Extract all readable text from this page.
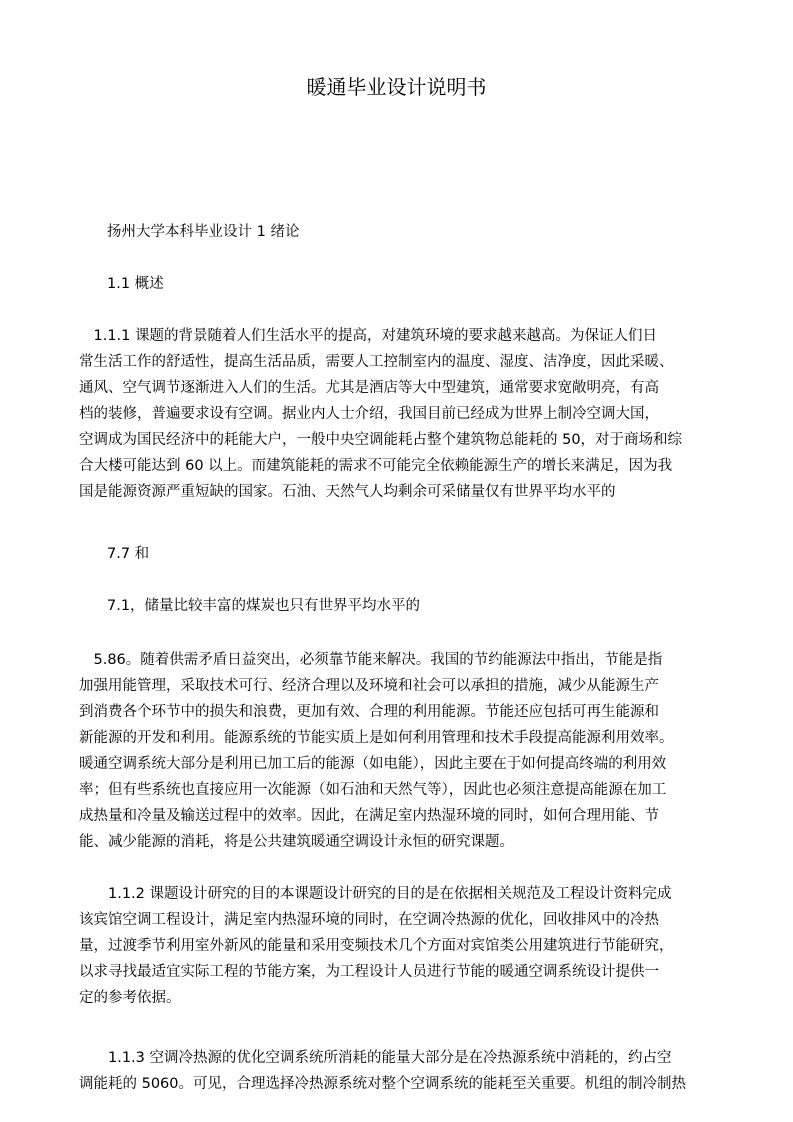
暖通毕业设计说明书

扬州大学本科毕业设计 1 绪论

1.1 概述

　1.1.1 课题的背景随着人们生活水平的提高，对建筑环境的要求越来越高。为保证人们日
常生活工作的舒适性，提高生活品质，需要人工控制室内的温度、湿度、洁净度，因此采暖、
通风、空气调节逐渐进入人们的生活。尤其是酒店等大中型建筑，通常要求宽敞明亮，有高
档的装修，普遍要求设有空调。据业内人士介绍，我国目前已经成为世界上制冷空调大国，
空调成为国民经济中的耗能大户，一般中央空调能耗占整个建筑物总能耗的 50，对于商场和综
合大楼可能达到 60 以上。而建筑能耗的需求不可能完全依赖能源生产的增长来满足，因为我
国是能源资源严重短缺的国家。石油、天然气人均剩余可采储量仅有世界平均水平的

7.7 和

7.1，储量比较丰富的煤炭也只有世界平均水平的

　5.86。随着供需矛盾日益突出，必须靠节能来解决。我国的节约能源法中指出，节能是指
加强用能管理，采取技术可行、经济合理以及环境和社会可以承担的措施，减少从能源生产
到消费各个环节中的损失和浪费，更加有效、合理的利用能源。节能还应包括可再生能源和
新能源的开发和利用。能源系统的节能实质上是如何利用管理和技术手段提高能源利用效率。
暖通空调系统大部分是利用已加工后的能源（如电能），因此主要在于如何提高终端的利用效
率；但有些系统也直接应用一次能源（如石油和天然气等），因此也必须注意提高能源在加工
成热量和冷量及输送过程中的效率。因此，在满足室内热湿环境的同时，如何合理用能、节
能、减少能源的消耗，将是公共建筑暖通空调设计永恒的研究课题。
　　1.1.2 课题设计研究的目的本课题设计研究的目的是在依据相关规范及工程设计资料完成
该宾馆空调工程设计，满足室内热湿环境的同时，在空调冷热源的优化，回收排风中的冷热
量，过渡季节利用室外新风的能量和采用变频技术几个方面对宾馆类公用建筑进行节能研究，
以求寻找最适宜实际工程的节能方案，为工程设计人员进行节能的暖通空调系统设计提供一
定的参考依据。
　　1.1.3 空调冷热源的优化空调系统所消耗的能量大部分是在冷热源系统中消耗的，约占空
调能耗的 5060。可见，合理选择冷热源系统对整个空调系统的能耗至关重要。机组的制冷制热
